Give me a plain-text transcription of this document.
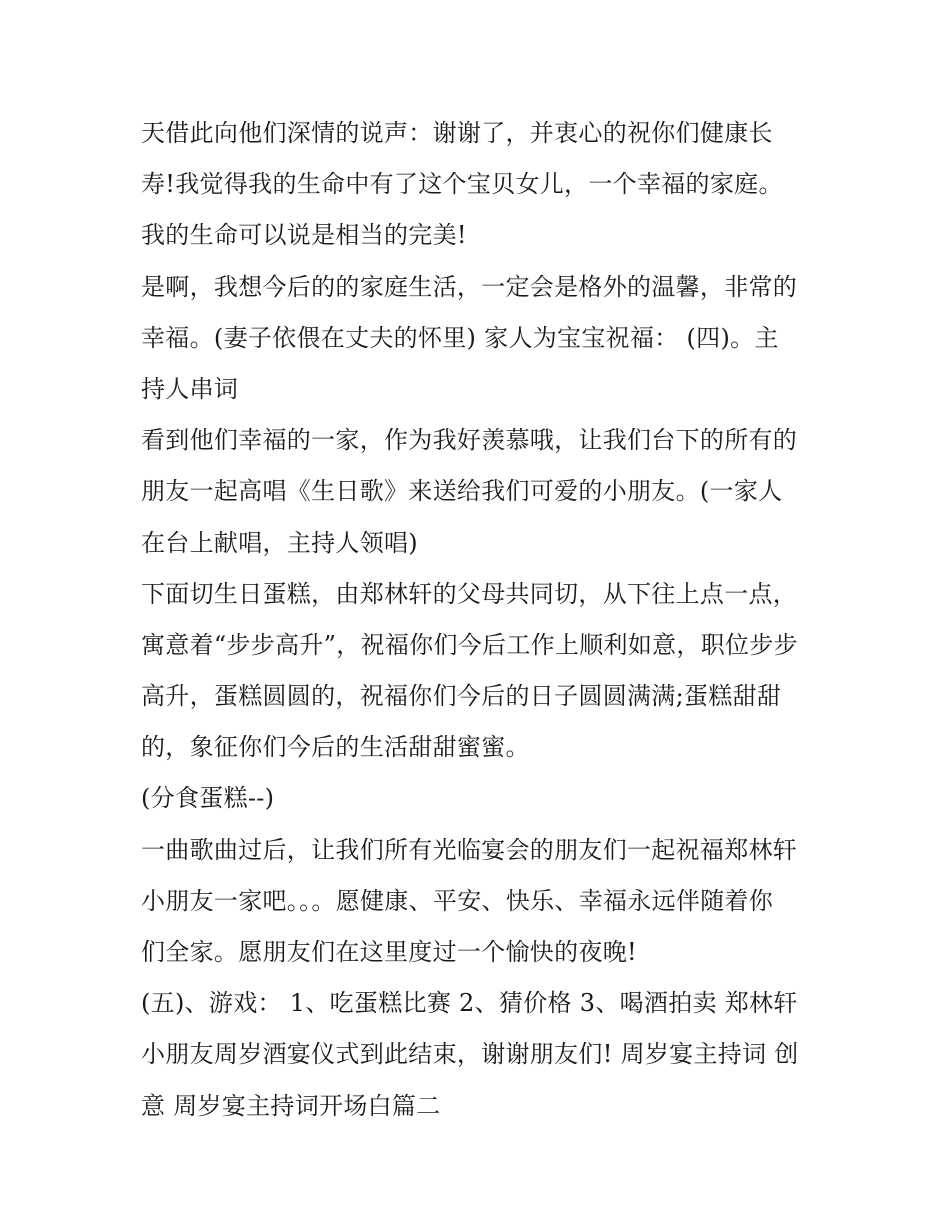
天借此向他们深情的说声：谢谢了，并衷心的祝你们健康长
寿!我觉得我的生命中有了这个宝贝女儿，一个幸福的家庭。
我的生命可以说是相当的完美!
是啊，我想今后的的家庭生活，一定会是格外的温馨，非常的
幸福。(妻子依偎在丈夫的怀里) 家人为宝宝祝福： (四)。主
持人串词
看到他们幸福的一家，作为我好羡慕哦，让我们台下的所有的
朋友一起高唱《生日歌》来送给我们可爱的小朋友。(一家人
在台上献唱，主持人领唱)
下面切生日蛋糕，由郑林轩的父母共同切，从下往上点一点，
寓意着“步步高升”，祝福你们今后工作上顺利如意，职位步步
高升，蛋糕圆圆的，祝福你们今后的日子圆圆满满;蛋糕甜甜
的，象征你们今后的生活甜甜蜜蜜。
(分食蛋糕--)
一曲歌曲过后，让我们所有光临宴会的朋友们一起祝福郑林轩
小朋友一家吧。。。愿健康、平安、快乐、幸福永远伴随着你
们全家。愿朋友们在这里度过一个愉快的夜晚!
(五)、游戏： 1、吃蛋糕比赛 2、猜价格 3、喝酒拍卖 郑林轩
小朋友周岁酒宴仪式到此结束，谢谢朋友们! 周岁宴主持词 创
意 周岁宴主持词开场白篇二
